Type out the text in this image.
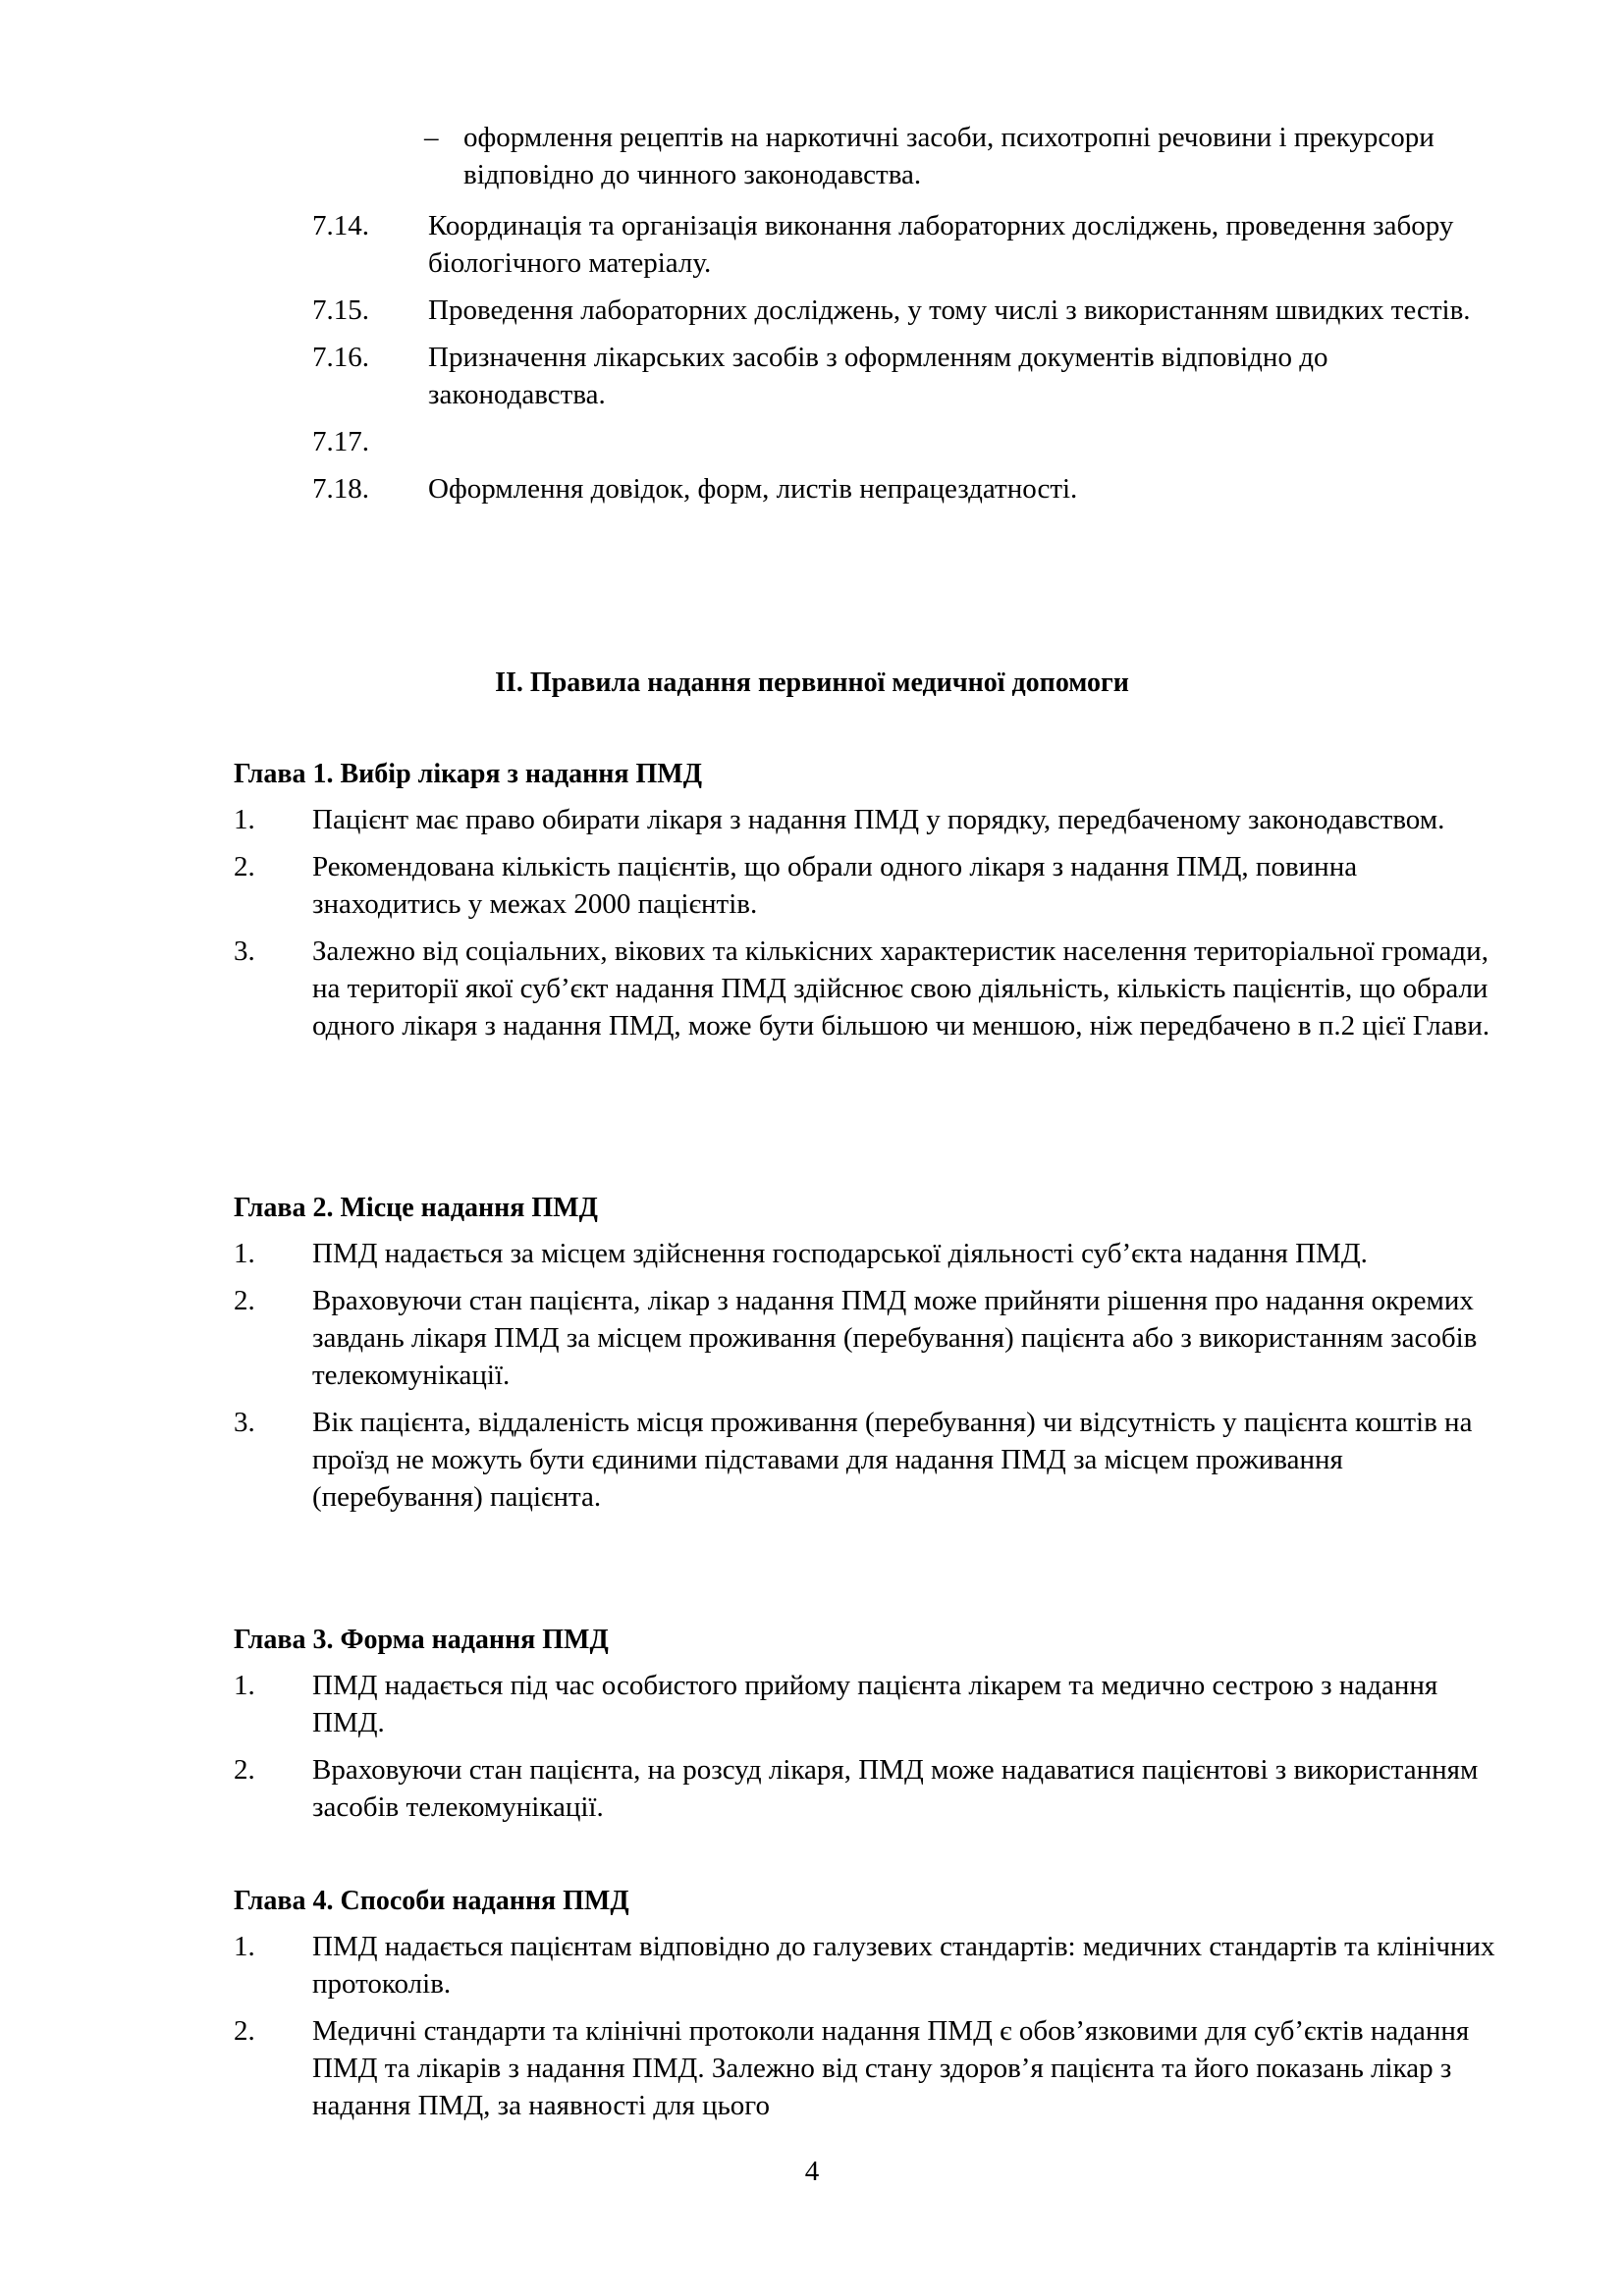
– оформлення рецептів на наркотичні засоби, психотропні речовини і прекурсори відповідно до чинного законодавства.
7.14.	Координація та організація виконання лабораторних досліджень, проведення забору біологічного матеріалу.
7.15.	Проведення лабораторних досліджень, у тому числі з використанням швидких тестів.
7.16.	Призначення лікарських засобів з оформленням документів відповідно до законодавства.
7.17.
7.18.	Оформлення довідок, форм, листів непрацездатності.
II. Правила надання первинної медичної допомоги
Глава 1. Вибір лікаря з надання ПМД
1.	Пацієнт має право обирати лікаря з надання ПМД у порядку, передбаченому законодавством.
2.	Рекомендована кількість пацієнтів, що обрали одного лікаря з надання ПМД, повинна знаходитись у межах 2000 пацієнтів.
3.	Залежно від соціальних, вікових та кількісних характеристик населення територіальної громади, на території якої суб’єкт надання ПМД здійснює свою діяльність, кількість пацієнтів, що обрали одного лікаря з надання ПМД, може бути більшою чи меншою, ніж передбачено в п.2 цієї Глави.
Глава 2. Місце надання ПМД
1.	ПМД надається за місцем здійснення господарської діяльності суб’єкта надання ПМД.
2.	Враховуючи стан пацієнта, лікар з надання ПМД може прийняти рішення про надання окремих завдань лікаря ПМД за місцем проживання (перебування) пацієнта або з використанням засобів телекомунікації.
3.	Вік пацієнта, віддаленість місця проживання (перебування) чи відсутність у пацієнта коштів на проїзд не можуть бути єдиними підставами для надання ПМД за місцем проживання (перебування) пацієнта.
Глава 3. Форма надання ПМД
1.	ПМД надається під час особистого прийому пацієнта лікарем та медично сестрою з надання ПМД.
2.	Враховуючи стан пацієнта, на розсуд лікаря, ПМД може надаватися пацієнтові з використанням засобів телекомунікації.
Глава 4. Способи надання ПМД
1.	ПМД надається пацієнтам відповідно до галузевих стандартів: медичних стандартів та клінічних протоколів.
2.	Медичні стандарти та клінічні протоколи надання ПМД є обов’язковими для суб’єктів надання ПМД та лікарів з надання ПМД. Залежно від стану здоров’я пацієнта та його показань лікар з надання ПМД, за наявності для цього
4
